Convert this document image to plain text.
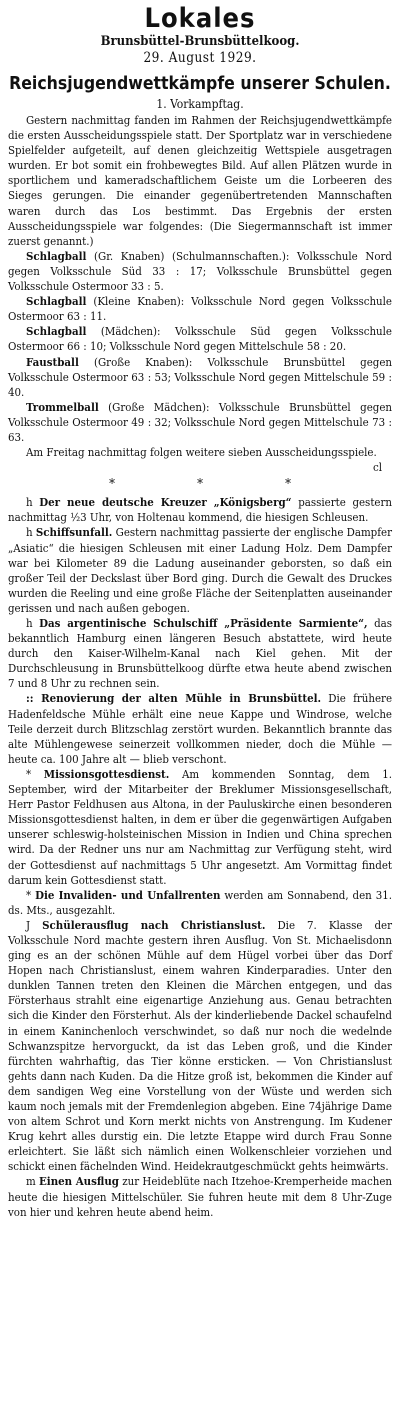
Lokales
Brunsbüttel-Brunsbüttelkoog.
29. August 1929.
Reichsjugendwettkämpfe unserer Schulen.
1. Vorkampftag.

Gestern nachmittag fanden im Rahmen der Reichsjugendwettkämpfe die ersten Ausscheidungsspiele statt. Der Sportplatz war in verschiedene Spielfelder aufgeteilt, auf denen gleichzeitig Wettspiele ausgetragen wurden. Er bot somit ein frohbewegtes Bild. Auf allen Plätzen wurde in sportlichem und kameradschaftlichem Geiste um die Lorbeeren des Sieges gerungen. Die einander gegenübertretenden Mannschaften waren durch das Los bestimmt. Das Ergebnis der ersten Ausscheidungsspiele war folgendes: (Die Siegermannschaft ist immer zuerst genannt.)

Schlagball (Gr. Knaben) (Schulmannschaften.): Volksschule Nord gegen Volksschule Süd 33 : 17; Volksschule Brunsbüttel gegen Volksschule Ostermoor 33 : 5.

Schlagball (Kleine Knaben): Volksschule Nord gegen Volksschule Ostermoor 63 : 11.

Schlagball (Mädchen): Volksschule Süd gegen Volksschule Ostermoor 66 : 10; Volksschule Nord gegen Mittelschule 58 : 20.

Faustball (Große Knaben): Volksschule Brunsbüttel gegen Volksschule Ostermoor 63 : 53; Volksschule Nord gegen Mittelschule 59 : 40.

Trommelball (Große Mädchen): Volksschule Brunsbüttel gegen Volksschule Ostermoor 49 : 32; Volksschule Nord gegen Mittelschule 73 : 63.

Am Freitag nachmittag folgen weitere sieben Ausscheidungsspiele.

cl
*	*	*

h Der neue deutsche Kreuzer „Königsberg“ passierte gestern nachmittag ½3 Uhr, von Holtenau kommend, die hiesigen Schleusen.

h Schiffsunfall. Gestern nachmittag passierte der englische Dampfer „Asiatic“ die hiesigen Schleusen mit einer Ladung Holz. Dem Dampfer war bei Kilometer 89 die Ladung auseinander geborsten, so daß ein großer Teil der Deckslast über Bord ging. Durch die Gewalt des Druckes wurden die Reeling und eine große Fläche der Seitenplatten auseinander gerissen und nach außen gebogen.

h Das argentinische Schulschiff „Präsidente Sarmiente“, das bekanntlich Hamburg einen längeren Besuch abstattete, wird heute durch den Kaiser-Wilhelm-Kanal nach Kiel gehen. Mit der Durchschleusung in Brunsbüttelkoog dürfte etwa heute abend zwischen 7 und 8 Uhr zu rechnen sein.

:: Renovierung der alten Mühle in Brunsbüttel. Die frühere Hadenfeldsche Mühle erhält eine neue Kappe und Windrose, welche Teile derzeit durch Blitzschlag zerstört wurden. Bekanntlich brannte das alte Mühlengewese seinerzeit vollkommen nieder, doch die Mühle — heute ca. 100 Jahre alt — blieb verschont.

* Missionsgottesdienst. Am kommenden Sonntag, dem 1. September, wird der Mitarbeiter der Breklumer Missionsgesellschaft, Herr Pastor Feldhusen aus Altona, in der Pauluskirche einen besonderen Missionsgottesdienst halten, in dem er über die gegenwärtigen Aufgaben unserer schleswig-holsteinischen Mission in Indien und China sprechen wird. Da der Redner uns nur am Nachmittag zur Verfügung steht, wird der Gottesdienst auf nachmittags 5 Uhr angesetzt. Am Vormittag findet darum kein Gottesdienst statt.

* Die Invaliden- und Unfallrenten werden am Sonnabend, den 31. ds. Mts., ausgezahlt.

J Schülerausflug nach Christianslust. Die 7. Klasse der Volksschule Nord machte gestern ihren Ausflug. Von St. Michaelisdonn ging es an der schönen Mühle auf dem Hügel vorbei über das Dorf Hopen nach Christianslust, einem wahren Kinderparadies. Unter den dunklen Tannen treten den Kleinen die Märchen entgegen, und das Försterhaus strahlt eine eigenartige Anziehung aus. Genau betrachten sich die Kinder den Försterhut. Als der kinderliebende Dackel schaufelnd in einem Kaninchenloch verschwindet, so daß nur noch die wedelnde Schwanzspitze hervorguckt, da ist das Leben groß, und die Kinder fürchten wahrhaftig, das Tier könne ersticken. — Von Christianslust gehts dann nach Kuden. Da die Hitze groß ist, bekommen die Kinder auf dem sandigen Weg eine Vorstellung von der Wüste und werden sich kaum noch jemals mit der Fremdenlegion abgeben. Eine 74jährige Dame von altem Schrot und Korn merkt nichts von Anstrengung. Im Kudener Krug kehrt alles durstig ein. Die letzte Etappe wird durch Frau Sonne erleichtert. Sie läßt sich nämlich einen Wolkenschleier vorziehen und schickt einen fächelnden Wind. Heidekrautgeschmückt gehts heimwärts.

m Einen Ausflug zur Heideblüte nach Itzehoe-Kremperheide machen heute die hiesigen Mittelschüler. Sie fuhren heute mit dem 8 Uhr-Zuge von hier und kehren heute abend heim.
